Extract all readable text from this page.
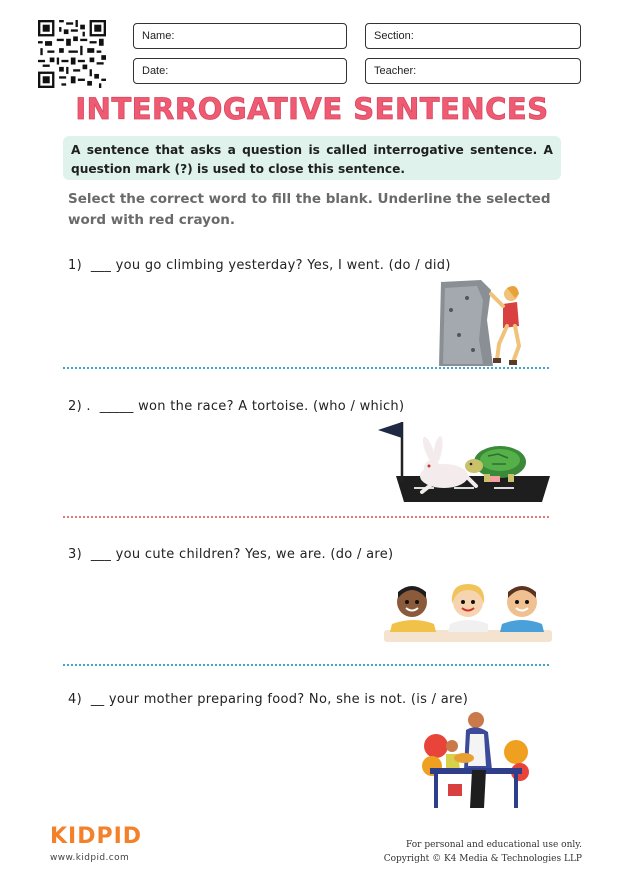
Name:	Section:
Date:	Teacher:
INTERROGATIVE SENTENCES
A sentence that asks a question is called interrogative sentence. A question mark (?) is used to close this sentence.
Select the correct word to fill the blank. Underline the selected word with red crayon.
1) ___ you go climbing yesterday? Yes, I went. (do / did)
2) . _____ won the race? A tortoise. (who / which)
3) ___ you cute children? Yes, we are. (do / are)
4) __ your mother preparing food? No, she is not. (is / are)
KIDPID
www.kidpid.com
For personal and educational use only.
Copyright © K4 Media & Technologies LLP
